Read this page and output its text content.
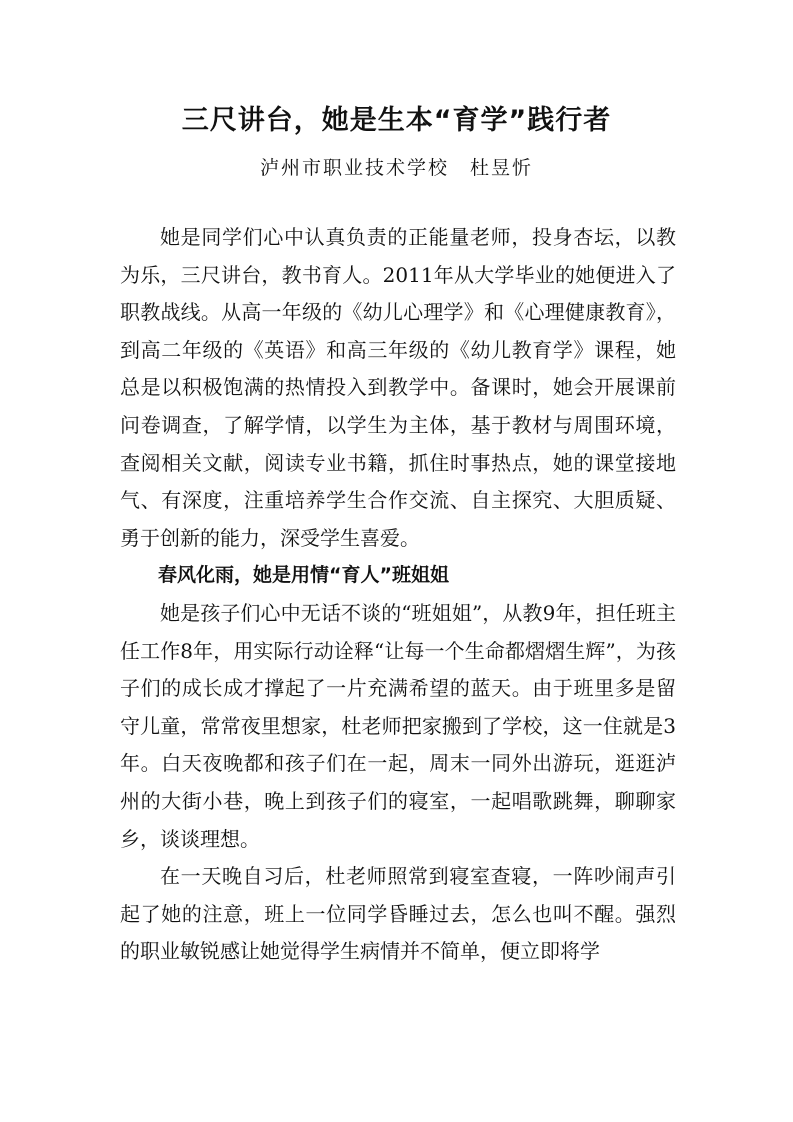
三尺讲台，她是生本“育学”践行者
泸州市职业技术学校　杜昱忻

她是同学们心中认真负责的正能量老师，投身杏坛，以教为乐，三尺讲台，教书育人。2011年从大学毕业的她便进入了职教战线。从高一年级的《幼儿心理学》和《心理健康教育》，到高二年级的《英语》和高三年级的《幼儿教育学》课程，她总是以积极饱满的热情投入到教学中。备课时，她会开展课前问卷调查，了解学情，以学生为主体，基于教材与周围环境，查阅相关文献，阅读专业书籍，抓住时事热点，她的课堂接地气、有深度，注重培养学生合作交流、自主探究、大胆质疑、勇于创新的能力，深受学生喜爱。

春风化雨，她是用情“育人”班姐姐

她是孩子们心中无话不谈的“班姐姐”，从教9年，担任班主任工作8年，用实际行动诠释“让每一个生命都熠熠生辉”，为孩子们的成长成才撑起了一片充满希望的蓝天。由于班里多是留守儿童，常常夜里想家，杜老师把家搬到了学校，这一住就是3年。白天夜晚都和孩子们在一起，周末一同外出游玩，逛逛泸州的大街小巷，晚上到孩子们的寝室，一起唱歌跳舞，聊聊家乡，谈谈理想。

在一天晚自习后，杜老师照常到寝室查寝，一阵吵闹声引起了她的注意，班上一位同学昏睡过去，怎么也叫不醒。强烈的职业敏锐感让她觉得学生病情并不简单，便立即将学
